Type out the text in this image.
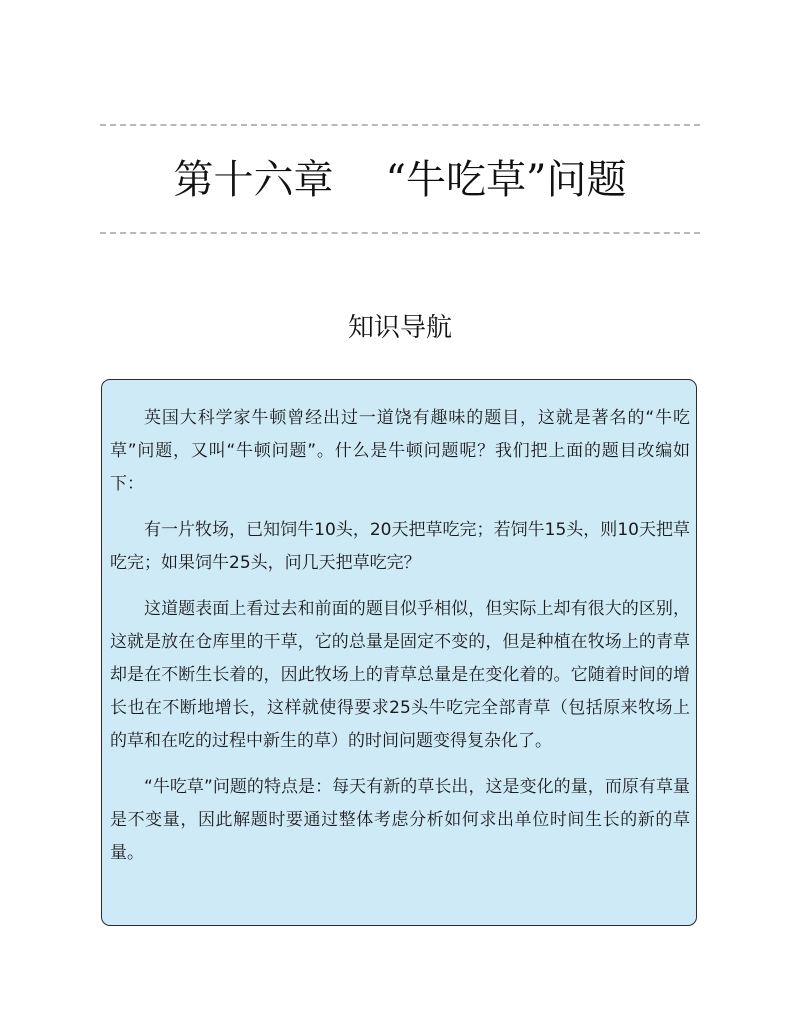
第十六章 “牛吃草”问题
知识导航

英国大科学家牛顿曾经出过一道饶有趣味的题目，这就是著名的“牛吃草”问题，又叫“牛顿问题”。什么是牛顿问题呢？我们把上面的题目改编如下：

有一片牧场，已知饲牛10头，20天把草吃完；若饲牛15头，则10天把草吃完；如果饲牛25头，问几天把草吃完？

这道题表面上看过去和前面的题目似乎相似，但实际上却有很大的区别，这就是放在仓库里的干草，它的总量是固定不变的，但是种植在牧场上的青草却是在不断生长着的，因此牧场上的青草总量是在变化着的。它随着时间的增长也在不断地增长，这样就使得要求25头牛吃完全部青草（包括原来牧场上的草和在吃的过程中新生的草）的时间问题变得复杂化了。

“牛吃草”问题的特点是：每天有新的草长出，这是变化的量，而原有草量是不变量，因此解题时要通过整体考虑分析如何求出单位时间生长的新的草量。
